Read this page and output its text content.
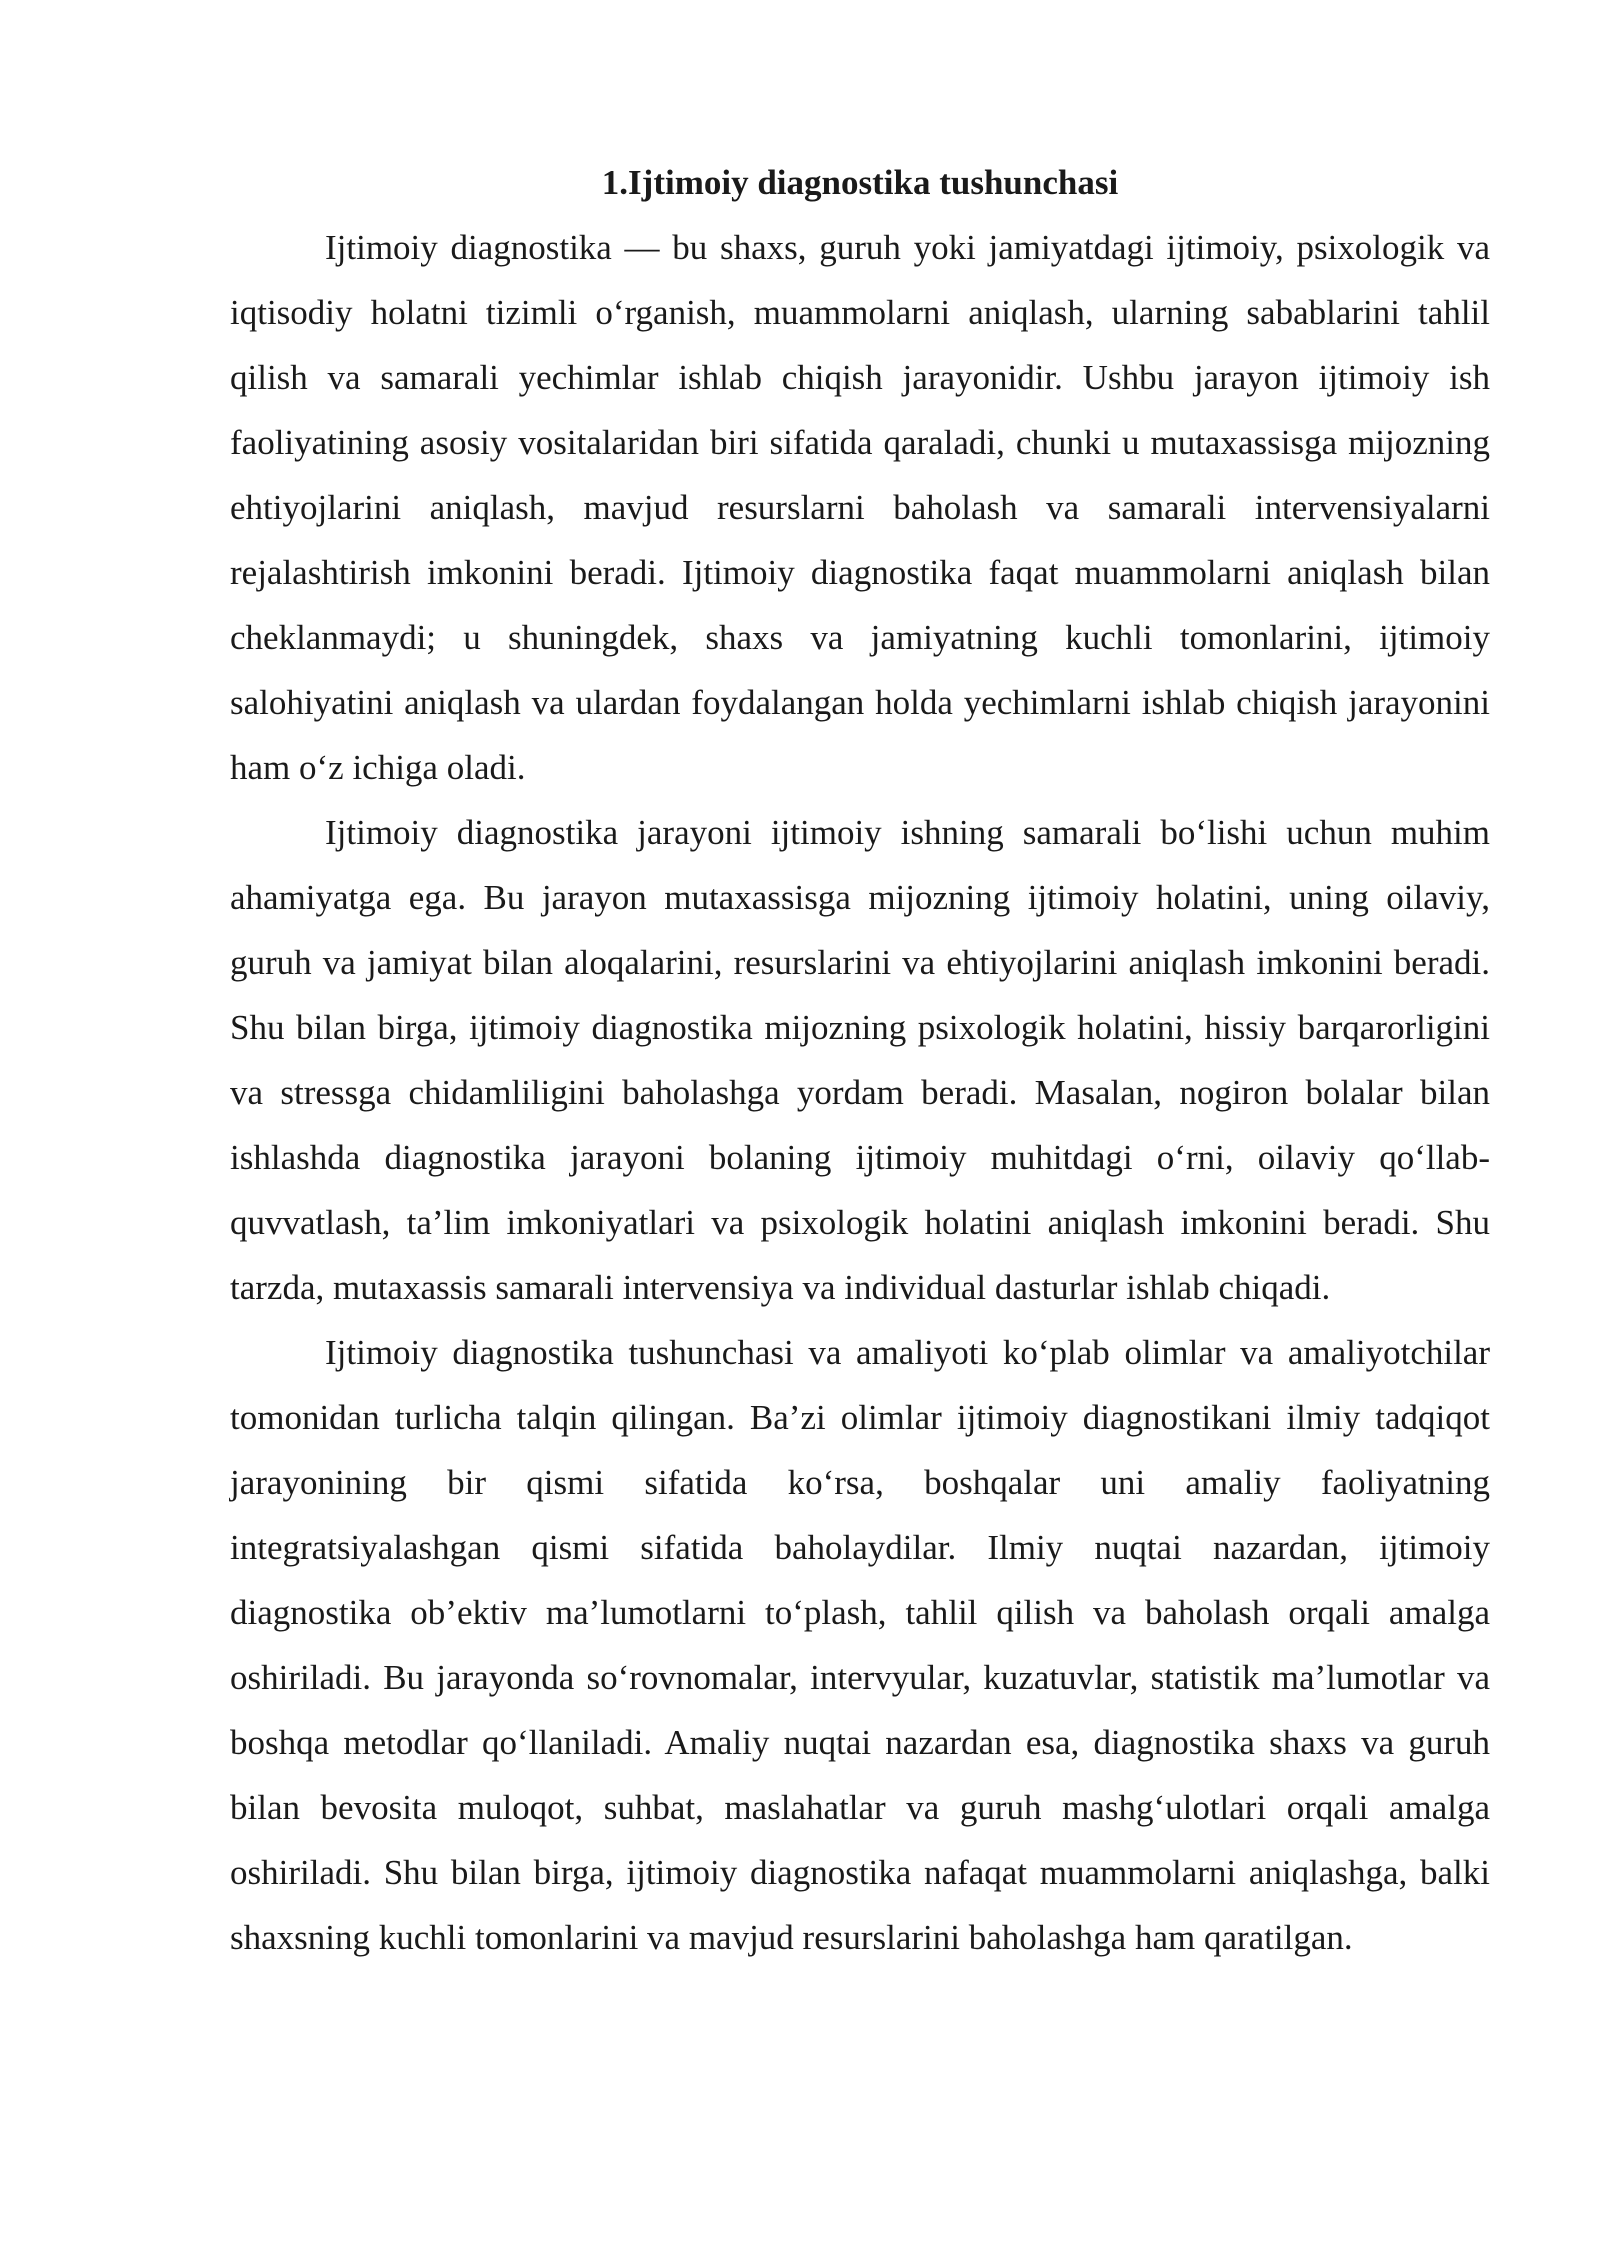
1.Ijtimoiy diagnostika tushunchasi

Ijtimoiy diagnostika — bu shaxs, guruh yoki jamiyatdagi ijtimoiy, psixologik va iqtisodiy holatni tizimli o‘rganish, muammolarni aniqlash, ularning sabablarini tahlil qilish va samarali yechimlar ishlab chiqish jarayonidir. Ushbu jarayon ijtimoiy ish faoliyatining asosiy vositalaridan biri sifatida qaraladi, chunki u mutaxassisga mijozning ehtiyojlarini aniqlash, mavjud resurslarni baholash va samarali intervensiyalarni rejalashtirish imkonini beradi. Ijtimoiy diagnostika faqat muammolarni aniqlash bilan cheklanmaydi; u shuningdek, shaxs va jamiyatning kuchli tomonlarini, ijtimoiy salohiyatini aniqlash va ulardan foydalangan holda yechimlarni ishlab chiqish jarayonini ham o‘z ichiga oladi.

Ijtimoiy diagnostika jarayoni ijtimoiy ishning samarali bo‘lishi uchun muhim ahamiyatga ega. Bu jarayon mutaxassisga mijozning ijtimoiy holatini, uning oilaviy, guruh va jamiyat bilan aloqalarini, resurslarini va ehtiyojlarini aniqlash imkonini beradi. Shu bilan birga, ijtimoiy diagnostika mijozning psixologik holatini, hissiy barqarorligini va stressga chidamliligini baholashga yordam beradi. Masalan, nogiron bolalar bilan ishlashda diagnostika jarayoni bolaning ijtimoiy muhitdagi o‘rni, oilaviy qo‘llab-quvvatlash, ta’lim imkoniyatlari va psixologik holatini aniqlash imkonini beradi. Shu tarzda, mutaxassis samarali intervensiya va individual dasturlar ishlab chiqadi.

Ijtimoiy diagnostika tushunchasi va amaliyoti ko‘plab olimlar va amaliyotchilar tomonidan turlicha talqin qilingan. Ba’zi olimlar ijtimoiy diagnostikani ilmiy tadqiqot jarayonining bir qismi sifatida ko‘rsa, boshqalar uni amaliy faoliyatning integratsiyalashgan qismi sifatida baholaydilar. Ilmiy nuqtai nazardan, ijtimoiy diagnostika ob’ektiv ma’lumotlarni to‘plash, tahlil qilish va baholash orqali amalga oshiriladi. Bu jarayonda so‘rovnomalar, intervyular, kuzatuvlar, statistik ma’lumotlar va boshqa metodlar qo‘llaniladi. Amaliy nuqtai nazardan esa, diagnostika shaxs va guruh bilan bevosita muloqot, suhbat, maslahatlar va guruh mashg‘ulotlari orqali amalga oshiriladi. Shu bilan birga, ijtimoiy diagnostika nafaqat muammolarni aniqlashga, balki shaxsning kuchli tomonlarini va mavjud resurslarini baholashga ham qaratilgan.
